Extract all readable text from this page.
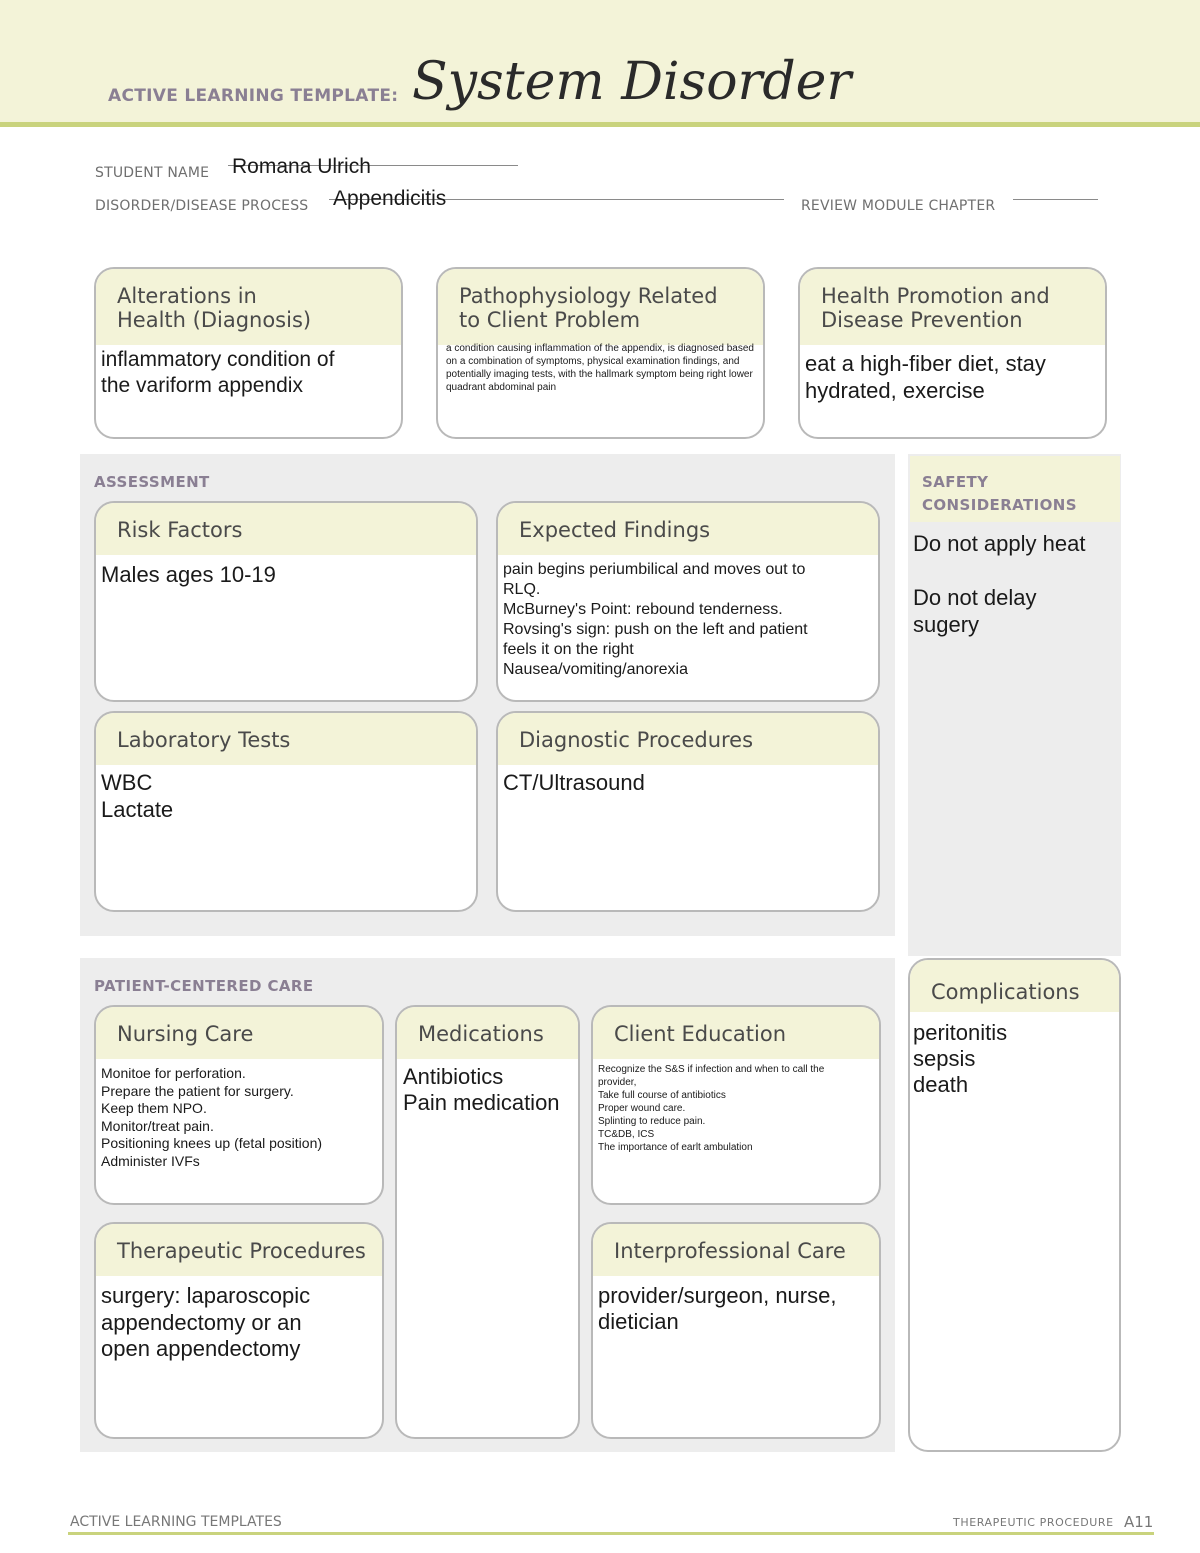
ACTIVE LEARNING TEMPLATE: System Disorder
STUDENT NAME Romana Ulrich
DISORDER/DISEASE PROCESS Appendicitis	REVIEW MODULE CHAPTER
Alterations in
Health (Diagnosis)
inflammatory condition of
the variform appendix
Pathophysiology Related
to Client Problem
a condition causing inflammation of the appendix, is diagnosed based on a combination of symptoms, physical examination findings, and potentially imaging tests, with the hallmark symptom being right lower quadrant abdominal pain
Health Promotion and
Disease Prevention
eat a high-fiber diet, stay
hydrated, exercise
ASSESSMENT
Risk Factors
Males ages 10-19
Expected Findings
pain begins periumbilical and moves out to
RLQ.
McBurney's Point: rebound tenderness.
Rovsing's sign: push on the left and patient
feels it on the right
Nausea/vomiting/anorexia
Laboratory Tests
WBC
Lactate
Diagnostic Procedures
CT/Ultrasound
SAFETY
CONSIDERATIONS
Do not apply heat

Do not delay
sugery
PATIENT-CENTERED CARE
Nursing Care
Monitoe for perforation.
Prepare the patient for surgery.
Keep them NPO.
Monitor/treat pain.
Positioning knees up (fetal position)
Administer IVFs
Medications
Antibiotics
Pain medication
Client Education
Recognize the S&S if infection and when to call the
provider,
Take full course of antibiotics
Proper wound care.
Splinting to reduce pain.
TC&DB, ICS
The importance of earlt ambulation
Therapeutic Procedures
surgery: laparoscopic
appendectomy or an
open appendectomy
Interprofessional Care
provider/surgeon, nurse,
dietician
Complications
peritonitis
sepsis
death
ACTIVE LEARNING TEMPLATES	THERAPEUTIC PROCEDURE A11
